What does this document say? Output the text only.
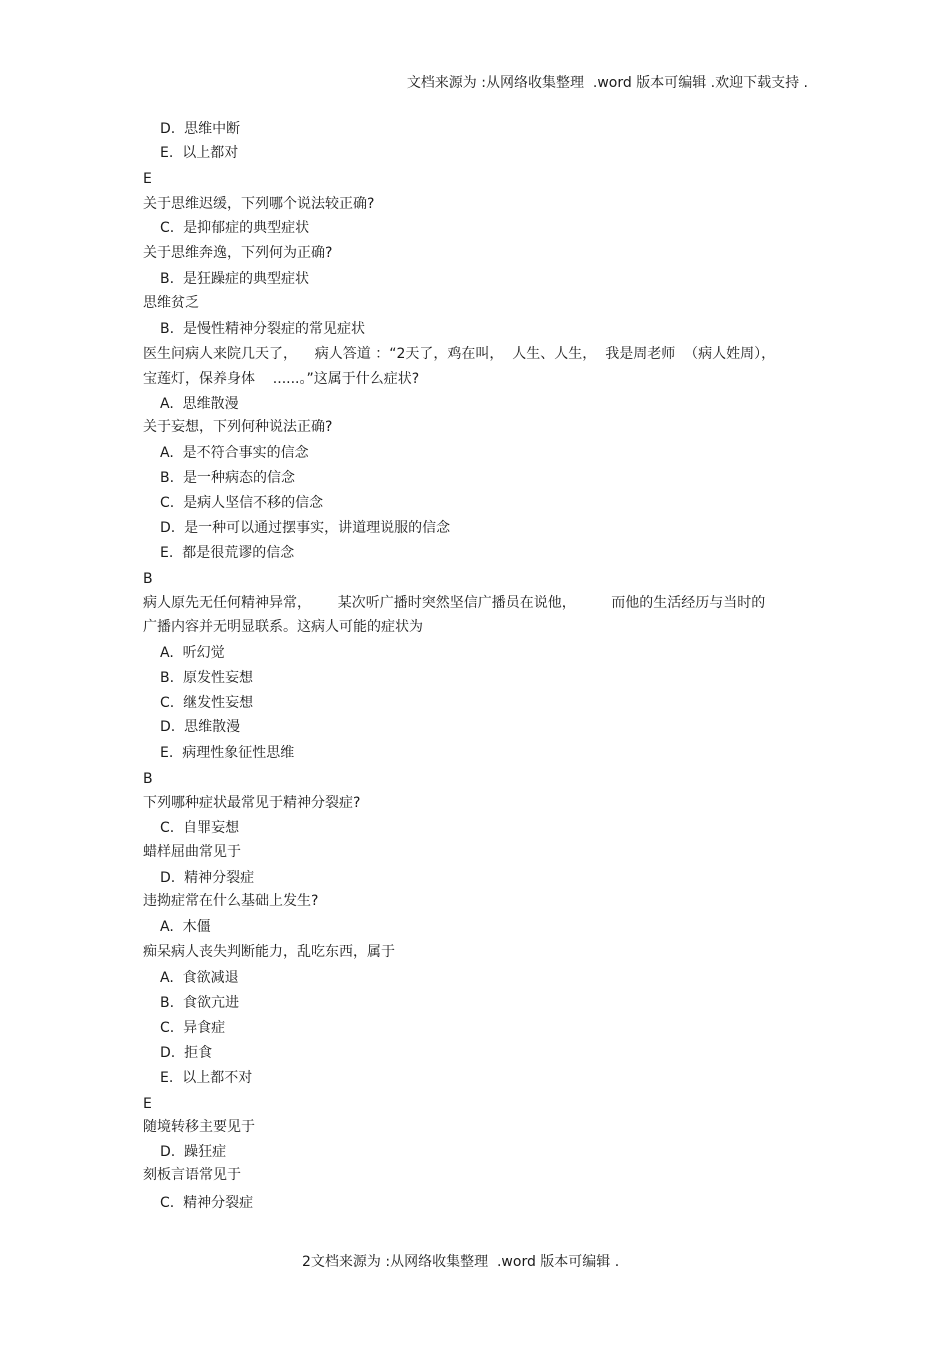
文档来源为 :从网络收集整理  .word 版本可编辑 .欢迎下载支持 .
D.  思维中断
E.  以上都对
E
关于思维迟缓，下列哪个说法较正确?
C.  是抑郁症的典型症状
关于思维奔逸，下列何为正确?
B.  是狂躁症的典型症状
思维贫乏
B.  是慢性精神分裂症的常见症状
医生问病人来院几天了，    病人答道 ：“2天了，鸡在叫，  人生、人生，  我是周老师  （病人姓周），
宝莲灯，保养身体    ......。”这属于什么症状?
A.  思维散漫
关于妄想，下列何种说法正确?
A.  是不符合事实的信念
B.  是一种病态的信念
C.  是病人坚信不移的信念
D.  是一种可以通过摆事实，讲道理说服的信念
E.  都是很荒谬的信念
B
病人原先无任何精神异常，      某次听广播时突然坚信广播员在说他，        而他的生活经历与当时的
广播内容并无明显联系。这病人可能的症状为
A.  听幻觉
B.  原发性妄想
C.  继发性妄想
D.  思维散漫
E.  病理性象征性思维
B
下列哪种症状最常见于精神分裂症?
C.  自罪妄想
蜡样屈曲常见于
D.  精神分裂症
违拗症常在什么基础上发生?
A.  木僵
痴呆病人丧失判断能力，乱吃东西，属于
A.  食欲减退
B.  食欲亢进
C.  异食症
D.  拒食
E.  以上都不对
E
随境转移主要见于
D.  躁狂症
刻板言语常见于
C.  精神分裂症
2文档来源为 :从网络收集整理  .word 版本可编辑 .
